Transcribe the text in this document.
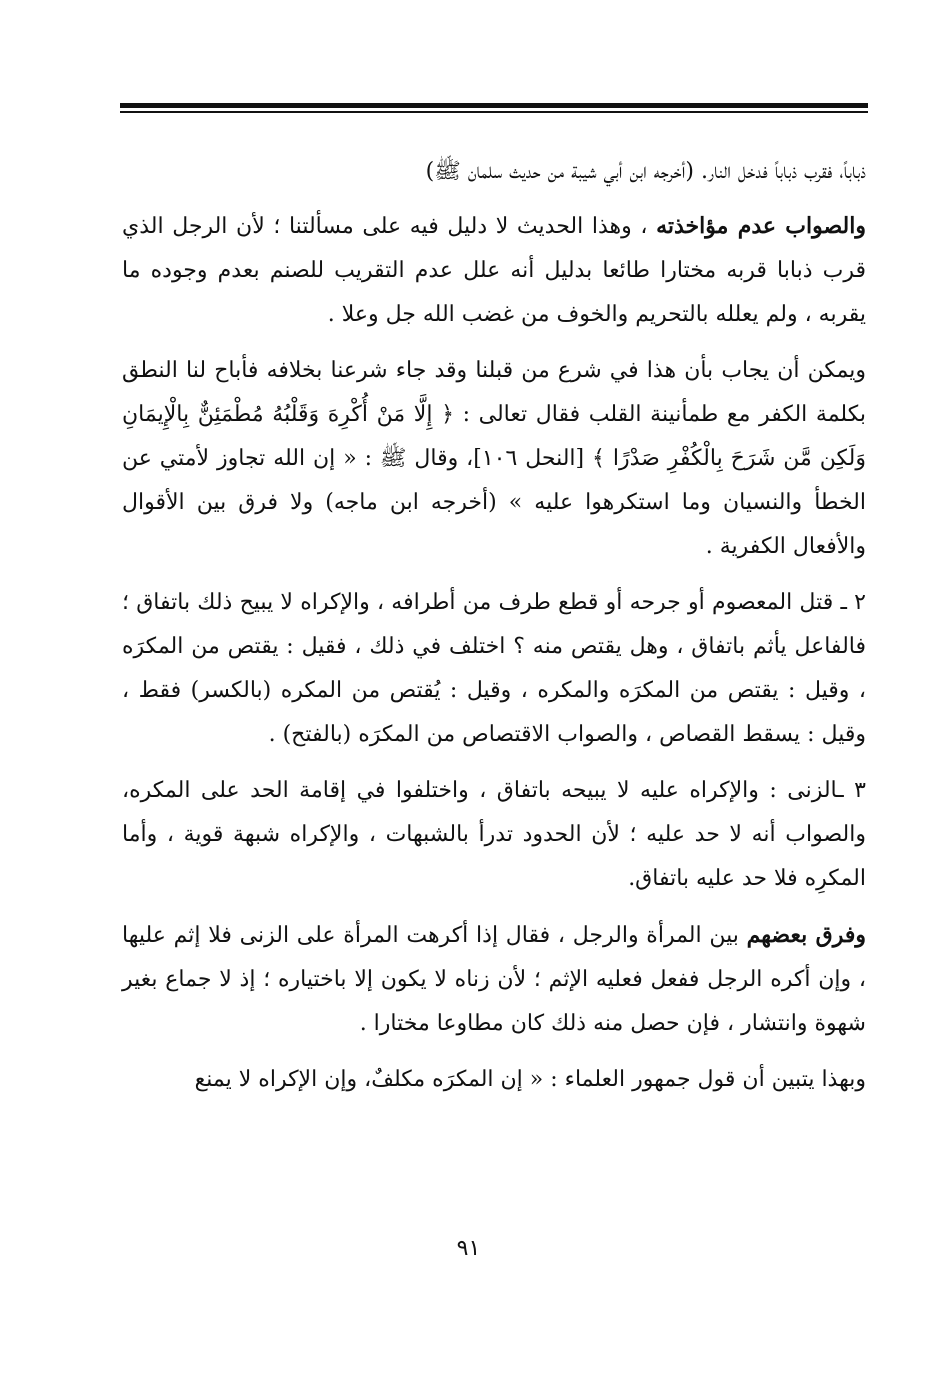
ذباباً، فقرب ذباباً فدخل النار. (أخرجه ابن أبي شيبة من حديث سلمان ﷺ)

والصواب عدم مؤاخذته ، وهذا الحديث لا دليل فيه على مسألتنا ؛ لأن الرجل الذي قرب ذبابا قربه مختارا طائعا بدليل أنه علل عدم التقريب للصنم بعدم وجوده ما يقربه ، ولم يعلله بالتحريم والخوف من غضب الله جل وعلا .

ويمكن أن يجاب بأن هذا في شرع من قبلنا وقد جاء شرعنا بخلافه فأباح لنا النطق بكلمة الكفر مع طمأنينة القلب فقال تعالى : ﴿ إِلَّا مَنْ أُكْرِهَ وَقَلْبُهُ مُطْمَئِنٌّ بِالْإِيمَانِ وَلَكِن مَّن شَرَحَ بِالْكُفْرِ صَدْرًا ﴾ [النحل ١٠٦]، وقال ﷺ : « إن الله تجاوز لأمتي عن الخطأ والنسيان وما استكرهوا عليه » (أخرجه ابن ماجه) ولا فرق بين الأقوال والأفعال الكفرية .

٢ ـ قتل المعصوم أو جرحه أو قطع طرف من أطرافه ، والإكراه لا يبيح ذلك باتفاق ؛ فالفاعل يأثم باتفاق ، وهل يقتص منه ؟ اختلف في ذلك ، فقيل : يقتص من المكرَه ، وقيل : يقتص من المكرَه والمكره ، وقيل : يُقتص من المكره (بالكسر) فقط ، وقيل : يسقط القصاص ، والصواب الاقتصاص من المكرَه (بالفتح) .

٣ ـالزنى : والإكراه عليه لا يبيحه باتفاق ، واختلفوا في إقامة الحد على المكره، والصواب أنه لا حد عليه ؛ لأن الحدود تدرأ بالشبهات ، والإكراه شبهة قوية ، وأما المكرِه فلا حد عليه باتفاق.

وفرق بعضهم بين المرأة والرجل ، فقال إذا أكرهت المرأة على الزنى فلا إثم عليها ، وإن أكره الرجل ففعل فعليه الإثم ؛ لأن زناه لا يكون إلا باختياره ؛ إذ لا جماع بغير شهوة وانتشار ، فإن حصل منه ذلك كان مطاوعا مختارا .

وبهذا يتبين أن قول جمهور العلماء : « إن المكرَه مكلفٌ، وإن الإكراه لا يمنع

٩١
